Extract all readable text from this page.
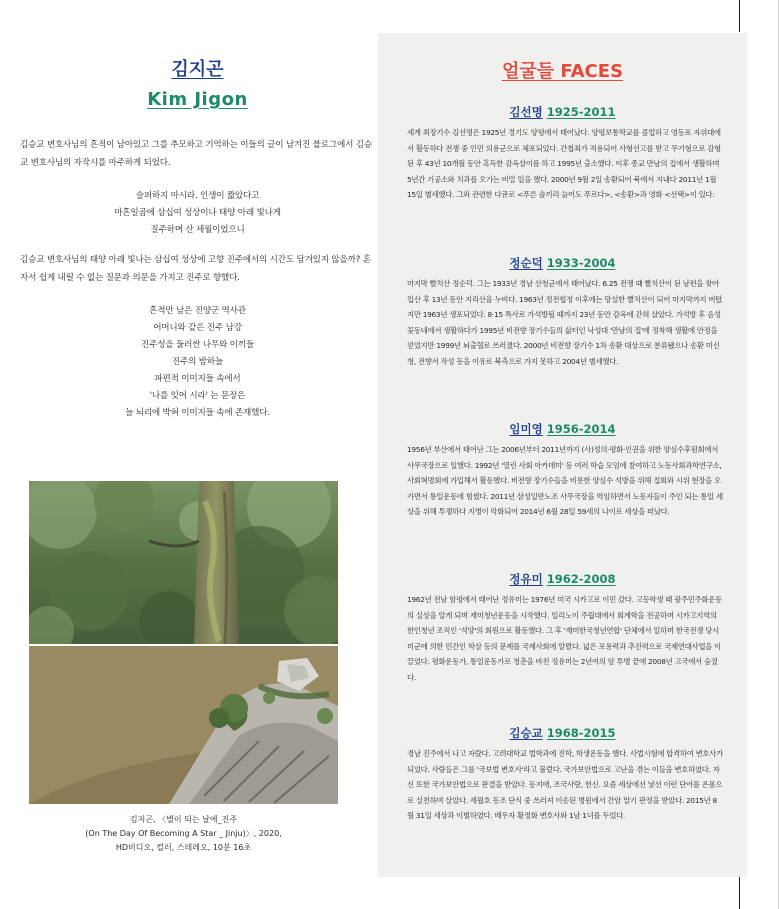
김지곤

Kim Jigon

김승교 변호사님의 흔적이 남아있고 그를 추모하고 기억하는 이들의 글이 남겨진 블로그에서 김승교 변호사님의 자작시를 마주하게 되었다.

슬퍼하지 마시라. 인생이 짧았다고

마흔일곱에 삼십여 성상이나 태양 아래 빛나게

질주하며 산 세월이었으니

김승교 변호사님의 태양 아래 빛나는 삼십여 성상에 고향 진주에서의 시간도 담겨있지 않을까? 혼자서 쉽게 내릴 수 없는 질문과 의문을 가지고 진주로 향했다.

흔적만 남은 진양군 역사관

어머니와 같은 진주 남강

진주성을 둘러싼 나무와 이끼들

진주의 밤하늘

파편적 이미지들 속에서

'나를 잊어 시라' 는 문장은

늘 뇌리에 박혀 이미지들 속에 존재했다.

김지곤, 〈별이 되는 날에_진주
(On The Day Of Becoming A Star _ Jinju)〉, 2020,
HD비디오, 컬러, 스테레오, 10분 16초
얼굴들 FACES
김선명 1925-2011

세계 최장기수 김선명은 1925년 경기도 양평에서 태어났다. 양평보통학교를 졸업하고 영등포 자위대에서 활동하다 전쟁 중 인민 의용군으로 체포되었다. 간첩죄가 적용되어 사형선고를 받고 무기형으로 감형된 후 43년 10개월 동안 혹독한 감옥살이를 하고 1995년 출소했다. 이후 종교 만남의 집에서 생활하며 5년간 기공소와 치과를 오가는 비밀 일을 했다. 2000년 9월 2일 송환되어 북에서 지내다 2011년 1월 15일 별세했다. 그와 관련한 다큐로 <푸른 솔끼리 늙어도 푸르다>, <송환>과 영화 <선택>이 있다.

정순덕 1933-2004

마지막 빨치산 정순덕. 그는 1933년 경남 산청군에서 태어났다. 6.25 전쟁 때 빨치산이 된 남편을 찾아 입산 후 13년 동안 지리산을 누비다. 1963년 정전협정 이후에는 망실한 빨치산이 되어 마지막까지 버텼지만 1963년 생포되었다. 8·15 특사로 가석방될 때까지 23년 동안 감옥에 갇혀 살았다. 가석방 후 음성 꽃동네에서 생활하다가 1995년 비전향 장기수들의 삶터인 낙성대 '만남의 집'에 정착해 생활에 안정을 얻었지만 1999년 뇌출혈로 쓰러졌다. 2000년 비전향 장기수 1차 송환 대상으로 분류됐으나 송환 미신청, 전향서 작성 등을 이유로 북측으로 가지 못하고 2004년 별세했다.

임미영 1956-2014

1956년 부산에서 태어난 그는 2006년부터 2011년까지 (사)정의·평화·인권을 위한 양심수후원회에서 사무국장으로 일했다. 1992년 '열린 사회 아카데미' 등 여러 학습 모임에 참여하고 노동사회과학연구소, 사회혁명회에 가입해서 활동했다. 비전향 장기수들을 비롯한 양심수 석방을 위해 집회와 시위 현장을 오가면서 통일운동에 힘썼다. 2011년 삼성일반노조 사무국장을 역임하면서 노동자들이 주인 되는 통일 세상을 위해 투쟁하다 지병이 악화되어 2014년 6월 28일 59세의 나이로 세상을 떠났다.

정유미 1962-2008

1962년 전남 함평에서 태어난 정유미는 1976년 미국 시카고로 이민 갔다. 고등학생 때 광주민주화운동의 실상을 알게 되며 재미청년운동을 시작했다. 일리노이 주립대에서 회계학을 전공하며 시카고지역의 한인청년 조직인 '석양'의 회원으로 활동했다. 그 후 '재미한국청년연합' 단체에서 일하며 한국전쟁 당시 미군에 의한 민간인 학살 등의 문제를 국제사회에 알렸다. 넓은 포용력과 추진력으로 국제연대사업을 이끌었다. 평화운동가, 통일운동가로 청춘을 바친 정유미는 2년여의 암 투병 끝에 2008년 고국에서 숨졌다.

김승교 1968-2015

경남 진주에서 나고 자랐다. 고려대학교 법학과에 진학, 학생운동을 했다. 사법시험에 합격하여 변호사가 되었다. 사람들은 그를 '국보법 변호사'라고 불렀다. 국가보안법으로 고난을 겪는 이들을 변호하였다. 자신 또한 국가보안법으로 판결을 받았다. 동지애, 조국사랑, 헌신. 요즘 세상에선 낯선 이런 단어를 온몸으로 실천하며 살았다. 세월호 등조 단식 중 쓰러져 이송된 병원에서 간암 말기 판정을 받았다. 2015년 8월 31일 세상과 이별하였다. 배우자 황정화 변호사와 1남 1녀를 두었다.
